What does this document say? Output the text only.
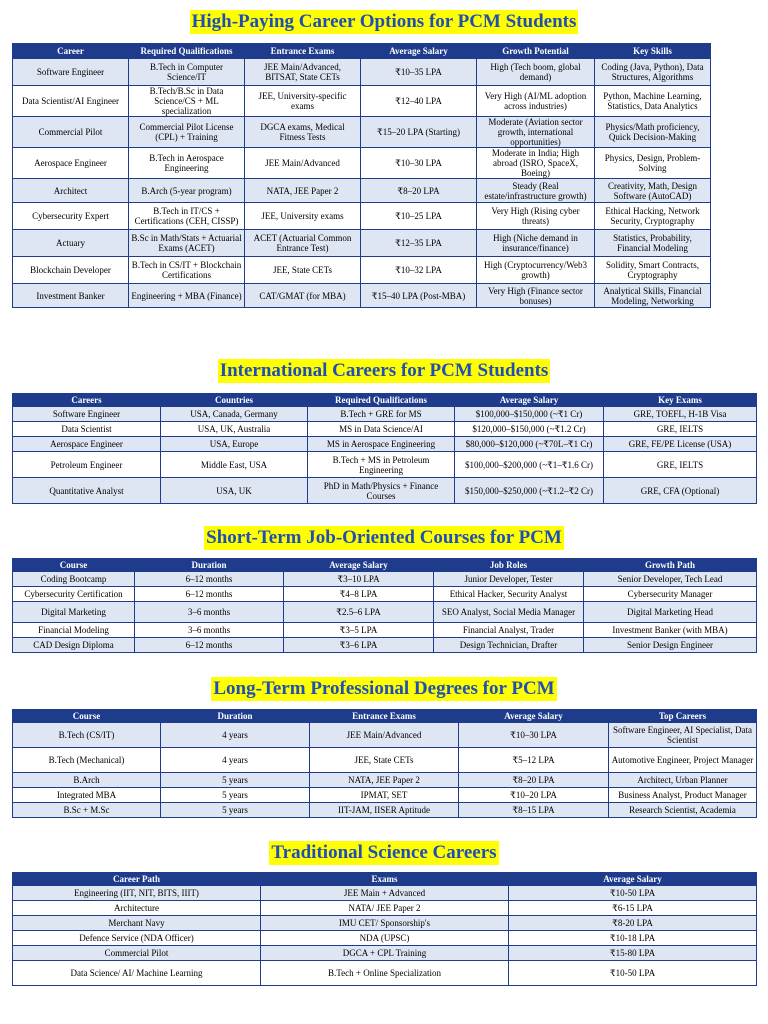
High-Paying Career Options for PCM Students
Career	Required Qualifications	Entrance Exams	Average Salary	Growth Potential	Key Skills
Software Engineer	B.Tech in Computer Science/IT	JEE Main/Advanced, BITSAT, State CETs	₹10–35 LPA	High (Tech boom, global demand)	Coding (Java, Python), Data Structures, Algorithms
Data Scientist/AI Engineer	B.Tech/B.Sc in Data Science/CS + ML specialization	JEE, University-specific exams	₹12–40 LPA	Very High (AI/ML adoption across industries)	Python, Machine Learning, Statistics, Data Analytics
Commercial Pilot	Commercial Pilot License (CPL) + Training	DGCA exams, Medical Fitness Tests	₹15–20 LPA (Starting)	Moderate (Aviation sector growth, international opportunities)	Physics/Math proficiency, Quick Decision-Making
Aerospace Engineer	B.Tech in Aerospace Engineering	JEE Main/Advanced	₹10–30 LPA	Moderate in India; High abroad (ISRO, SpaceX, Boeing)	Physics, Design, Problem-Solving
Architect	B.Arch (5-year program)	NATA, JEE Paper 2	₹8–20 LPA	Steady (Real estate/infrastructure growth)	Creativity, Math, Design Software (AutoCAD)
Cybersecurity Expert	B.Tech in IT/CS + Certifications (CEH, CISSP)	JEE, University exams	₹10–25 LPA	Very High (Rising cyber threats)	Ethical Hacking, Network Security, Cryptography
Actuary	B.Sc in Math/Stats + Actuarial Exams (ACET)	ACET (Actuarial Common Entrance Test)	₹12–35 LPA	High (Niche demand in insurance/finance)	Statistics, Probability, Financial Modeling
Blockchain Developer	B.Tech in CS/IT + Blockchain Certifications	JEE, State CETs	₹10–32 LPA	High (Cryptocurrency/Web3 growth)	Solidity, Smart Contracts, Cryptography
Investment Banker	Engineering + MBA (Finance)	CAT/GMAT (for MBA)	₹15–40 LPA (Post-MBA)	Very High (Finance sector bonuses)	Analytical Skills, Financial Modeling, Networking
International Careers for PCM Students
Careers	Countries	Required Qualifications	Average Salary	Key Exams
Software Engineer	USA, Canada, Germany	B.Tech + GRE for MS	$100,000–$150,000 (~₹1 Cr)	GRE, TOEFL, H-1B Visa
Data Scientist	USA, UK, Australia	MS in Data Science/AI	$120,000–$150,000 (~₹1.2 Cr)	GRE, IELTS
Aerospace Engineer	USA, Europe	MS in Aerospace Engineering	$80,000–$120,000 (~₹70L–₹1 Cr)	GRE, FE/PE License (USA)
Petroleum Engineer	Middle East, USA	B.Tech + MS in Petroleum Engineering	$100,000–$200,000 (~₹1–₹1.6 Cr)	GRE, IELTS
Quantitative Analyst	USA, UK	PhD in Math/Physics + Finance Courses	$150,000–$250,000 (~₹1.2–₹2 Cr)	GRE, CFA (Optional)
Short-Term Job-Oriented Courses for PCM
Course	Duration	Average Salary	Job Roles	Growth Path
Coding Bootcamp	6–12 months	₹3–10 LPA	Junior Developer, Tester	Senior Developer, Tech Lead
Cybersecurity Certification	6–12 months	₹4–8 LPA	Ethical Hacker, Security Analyst	Cybersecurity Manager
Digital Marketing	3–6 months	₹2.5–6 LPA	SEO Analyst, Social Media Manager	Digital Marketing Head
Financial Modeling	3–6 months	₹3–5 LPA	Financial Analyst, Trader	Investment Banker (with MBA)
CAD Design Diploma	6–12 months	₹3–6 LPA	Design Technician, Drafter	Senior Design Engineer
Long-Term Professional Degrees for PCM
Course	Duration	Entrance Exams	Average Salary	Top Careers
B.Tech (CS/IT)	4 years	JEE Main/Advanced	₹10–30 LPA	Software Engineer, AI Specialist, Data Scientist
B.Tech (Mechanical)	4 years	JEE, State CETs	₹5–12 LPA	Automotive Engineer, Project Manager
B.Arch	5 years	NATA, JEE Paper 2	₹8–20 LPA	Architect, Urban Planner
Integrated MBA	5 years	IPMAT, SET	₹10–20 LPA	Business Analyst, Product Manager
B.Sc + M.Sc	5 years	IIT-JAM, IISER Aptitude	₹8–15 LPA	Research Scientist, Academia
Traditional Science Careers
Career Path	Exams	Average Salary
Engineering (IIT, NIT, BITS, IIIT)	JEE Main + Advanced	₹10-50 LPA
Architecture	NATA/ JEE Paper 2	₹6-15 LPA
Merchant Navy	IMU CET/ Sponsorship's	₹8-20 LPA
Defence Service (NDA Officer)	NDA (UPSC)	₹10-18 LPA
Commercial Pilot	DGCA + CPL Training	₹15-80 LPA
Data Science/ AI/ Machine Learning	B.Tech + Online Specialization	₹10-50 LPA
